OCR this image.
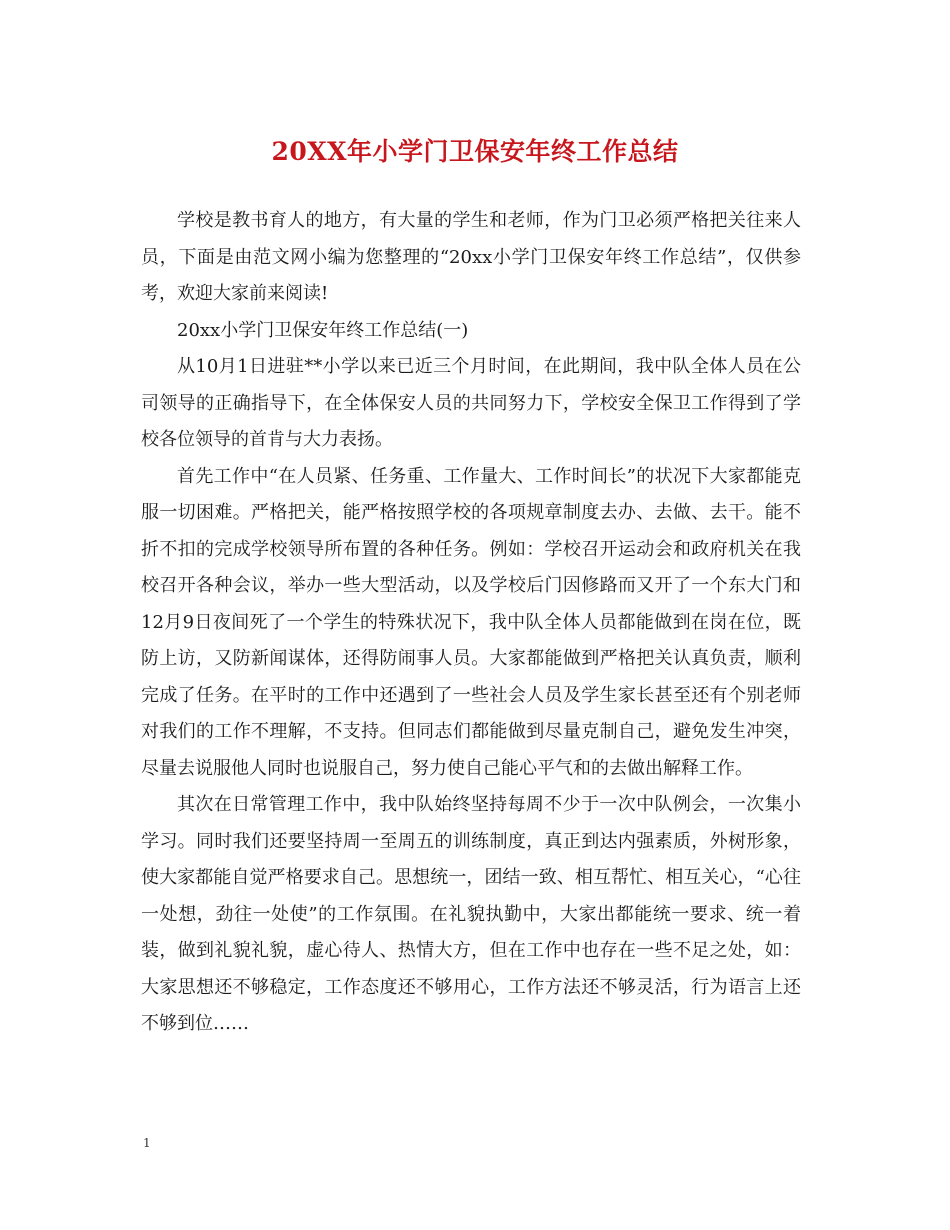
20XX年小学门卫保安年终工作总结

学校是教书育人的地方，有大量的学生和老师，作为门卫必须严格把关往来人员，下面是由范文网小编为您整理的“20xx小学门卫保安年终工作总结”，仅供参考，欢迎大家前来阅读!

20xx小学门卫保安年终工作总结(一)

从10月1日进驻**小学以来已近三个月时间，在此期间，我中队全体人员在公司领导的正确指导下，在全体保安人员的共同努力下，学校安全保卫工作得到了学校各位领导的首肯与大力表扬。

首先工作中“在人员紧、任务重、工作量大、工作时间长”的状况下大家都能克服一切困难。严格把关，能严格按照学校的各项规章制度去办、去做、去干。能不折不扣的完成学校领导所布置的各种任务。例如：学校召开运动会和政府机关在我校召开各种会议，举办一些大型活动，以及学校后门因修路而又开了一个东大门和12月9日夜间死了一个学生的特殊状况下，我中队全体人员都能做到在岗在位，既防上访，又防新闻谋体，还得防闹事人员。大家都能做到严格把关认真负责，顺利完成了任务。在平时的工作中还遇到了一些社会人员及学生家长甚至还有个别老师对我们的工作不理解，不支持。但同志们都能做到尽量克制自己，避免发生冲突，尽量去说服他人同时也说服自己，努力使自己能心平气和的去做出解释工作。

其次在日常管理工作中，我中队始终坚持每周不少于一次中队例会，一次集小学习。同时我们还要坚持周一至周五的训练制度，真正到达内强素质，外树形象，使大家都能自觉严格要求自己。思想统一，团结一致、相互帮忙、相互关心，“心往一处想，劲往一处使”的工作氛围。在礼貌执勤中，大家出都能统一要求、统一着装，做到礼貌礼貌，虚心待人、热情大方，但在工作中也存在一些不足之处，如：大家思想还不够稳定，工作态度还不够用心，工作方法还不够灵活，行为语言上还不够到位……

1
